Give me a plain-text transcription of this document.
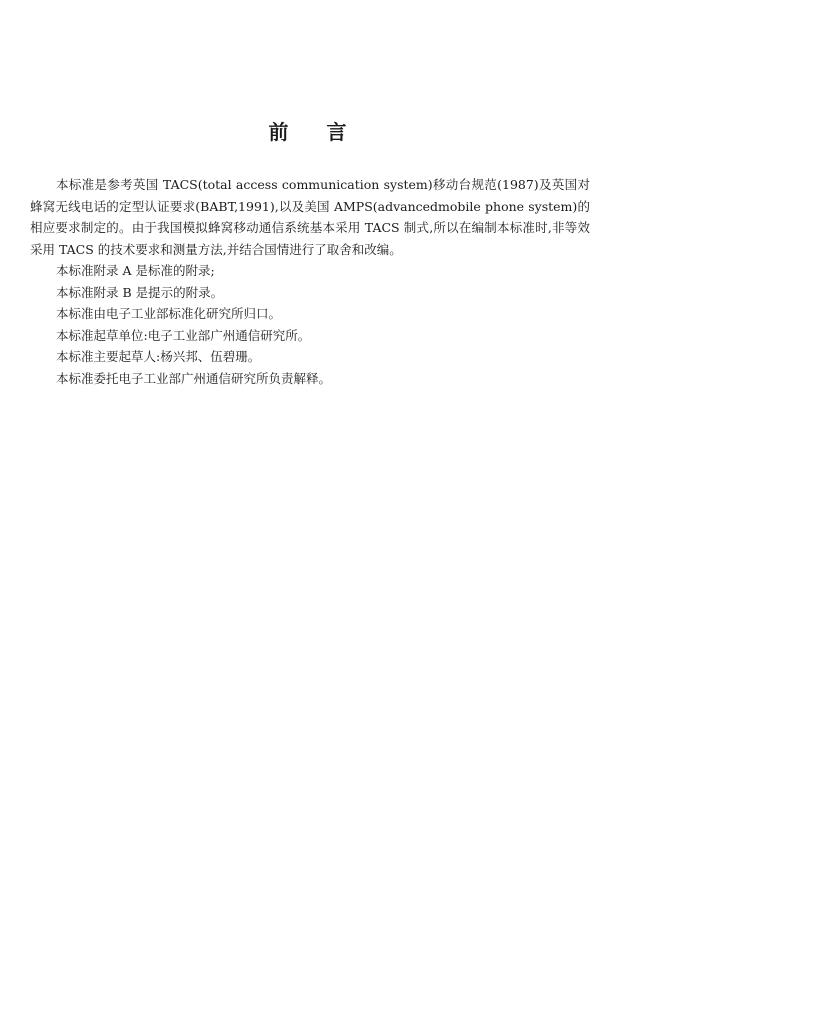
前言

本标准是参考英国 TACS(total access communication system)移动台规范(1987)及英国对蜂窝无线电话的定型认证要求(BABT,1991),以及美国 AMPS(advancedmobile phone system)的相应要求制定的。由于我国模拟蜂窝移动通信系统基本采用 TACS 制式,所以在编制本标准时,非等效采用 TACS 的技术要求和测量方法,并结合国情进行了取舍和改编。

本标准附录 A 是标准的附录;

本标准附录 B 是提示的附录。

本标准由电子工业部标准化研究所归口。

本标准起草单位:电子工业部广州通信研究所。

本标准主要起草人:杨兴邦、伍碧珊。

本标准委托电子工业部广州通信研究所负责解释。
